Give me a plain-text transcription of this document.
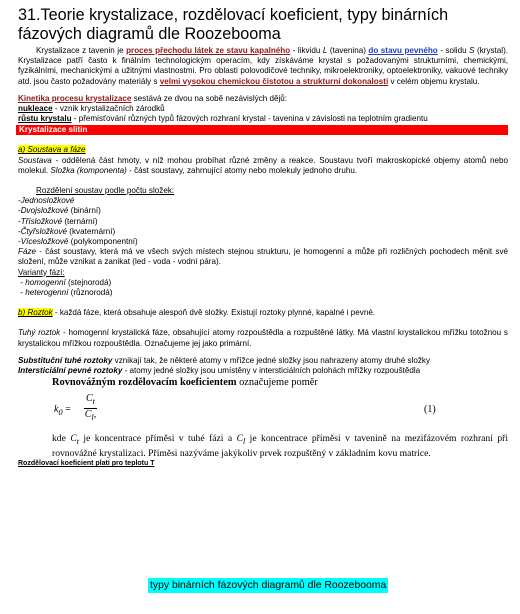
31.Teorie krystalizace, rozdělovací koeficient, typy binárních fázových diagramů dle Roozebooma

Krystalizace z tavenin je proces přechodu látek ze stavu kapalného - likvidu L (tavenina) do stavu pevného - solidu S (krystal). Krystalizace patří často k finálním technologickým operacím, kdy získáváme krystal s požadovanými strukturními, chemickými, fyzikálními, mechanickými a užitnými vlastnostmi. Pro oblasti polovodičové techniky, mikroelektroniky, optoelektroniky, vakuové techniky atd. jsou často požadovány materiály s velmi vysokou chemickou čistotou a strukturní dokonalostí v celém objemu krystalu.

Kinetika procesu krystalizace sestává ze dvou na sobě nezávislých dějů:

nukleace - vznik krystalizačních zárodků

růstu krystalu - přemisťování různých typů fázových rozhraní krystal - tavenina v závislosti na teplotním gradientu

Krystalizace slitin

a) Soustava a fáze

Soustava - oddělená část hmoty, v níž mohou probíhat různé změny a reakce. Soustavu tvoří makroskopické objemy atomů nebo molekul. Složka (komponenta) - část soustavy, zahrnující atomy nebo molekuly jednoho druhu.

Rozdělení soustav podle počtu složek:

-Jednosložkové

-Dvojsložkové (binární)

-Třísložkové (ternární)

-Čtyřsložkové (kvaternární)

-Vícesložkové (polykomponentní)

Fáze - část soustavy, která má ve všech svých místech stejnou strukturu, je homogenní a může při rozličných pochodech měnit své složení, může vznikat a zanikat (led - voda - vodní pára).

Varianty fází:

- homogenní (stejnorodá)

- heterogenní (různorodá)

b) Roztok - každá fáze, která obsahuje alespoň dvě složky. Existují roztoky plynné, kapalné i pevné.

Tuhý roztok - homogenní krystalická fáze, obsahující atomy rozpouštědla a rozpuštěné látky. Má vlastní krystalickou mřížku totožnou s krystalickou mřížkou rozpouštědla. Označujeme jej jako primární.

Substituční tuhé roztoky vznikají tak, že některé atomy v mřížce jedné složky jsou nahrazeny atomy druhé složky

Intersticiální pevné roztoky - atomy jedné složky jsou umístěny v intersticiálních polohách mřížky rozpouštědla

Rovnovážným rozdělovacím koeficientem označujeme poměr
$k_0 = \frac{C_t}{C_l,}$	(1)

kde $C_t$ je koncentrace příměsi v tuhé fázi a $C_l$ je koncentrace příměsi v tavenině na mezifázovém rozhraní při rovnovážné krystalizaci. Příměsi nazýváme jakýkoliv prvek rozpuštěný v základním kovu matrice.

Rozdělovací koeficient platí pro teplotu T

typy binárních fázových diagramů dle Roozebooma
